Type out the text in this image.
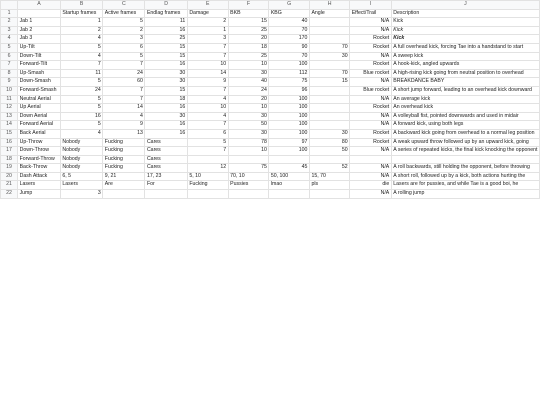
	A	B	C	D	E	F	G	H	I	J
1		Startup frames	Active frames	Endlag frames	Damage	BKB	KBG	Angle	Effect/Trail	Description
2	Jab 1	1	5	11	2	15	40		N/A	Kick
3	Jab 2	2	2	16	1	25	70		N/A	Kick
4	Jab 3	4	3	25	3	20	170		Rocket	Kick
5	Up-Tilt	5	6	15	7	18	90	70	Rocket	A full overhead kick, forcing Tae into a handstand to start
6	Down-Tilt	4	5	15	7	25	70	30	N/A	A sweep kick
7	Forward-Tilt	7	7	16	10	10	100		Rocket	A hook-kick, angled upwards
8	Up-Smash	11	24	30	14	30	112	70	Blue rocket	A high-rising kick going from neutral position to overhead
9	Down-Smash	5	60	30	9	40	75	15	N/A	BREAKDANCE BABY
10	Forward-Smash	24	7	15	7	24	96		Blue rocket	A short jump forward, leading to an overhead kick downward
11	Neutral Aerial	5	7	18	4	20	100		N/A	An average kick
12	Up Aerial	5	14	16	10	10	100		Rocket	An overhead kick
13	Down Aerial	16	4	30	4	30	100		N/A	A volleyball fist, pointed downwards and used in midair
14	Forward Aerial	5	9	16	7	50	100		N/A	A forward kick, using both legs
15	Back Aerial	4	13	16	6	30	100	30	Rocket	A backward kick going from overhead to a normal leg position
16	Up-Throw	Nobody	Fucking	Cares	5	78	97	80	Rocket	A weak upward throw followed up by an upward kick, going
17	Down-Throw	Nobody	Fucking	Cares	7	10	100	50	N/A	A series of repeated kicks, the final kick knocking the opponent
18	Forward-Throw	Nobody	Fucking	Cares						
19	Back-Throw	Nobody	Fucking	Cares	12	75	45	52	N/A	A roll backwards, still holding the opponent, before throwing
20	Dash Attack	6, 5	9, 21	17, 23	5, 10	70, 10	50, 100	15, 70	N/A	A short roll, followed up by a kick, both actions hurting the
21	Lasers	Lasers	Are	For	Fucking	Pussies	lmao	pls	die	Lasers are for pussies, and while Tae is a good boi, he
22	Jump	3							N/A	A rolling jump
